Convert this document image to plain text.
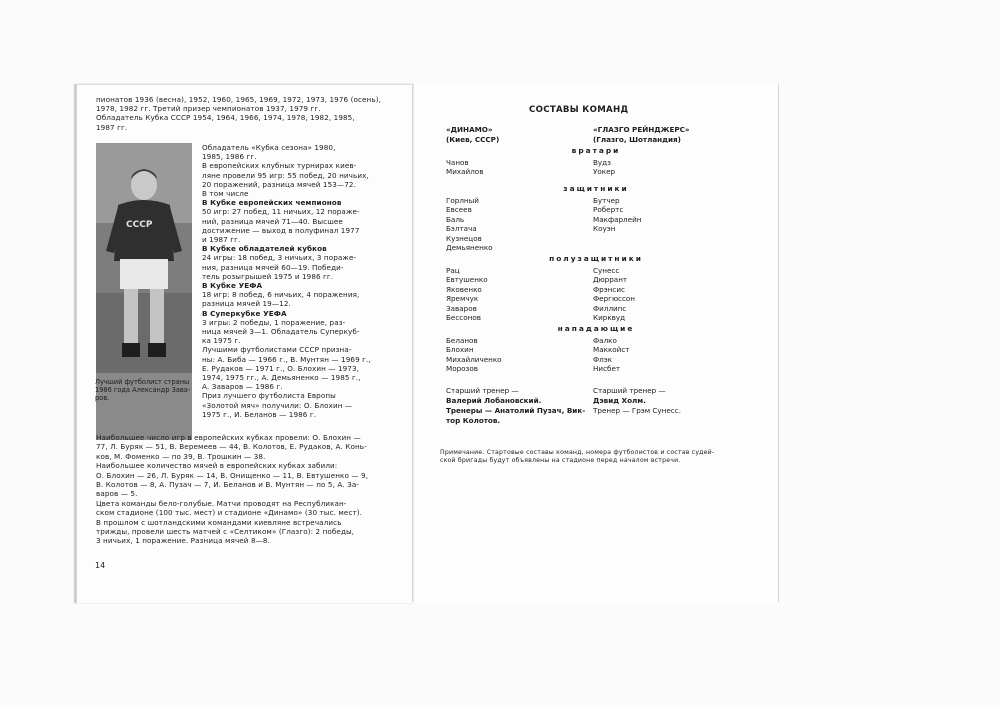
пионатов 1936 (весна), 1952, 1960, 1965, 1969, 1972, 1973, 1976 (осень),
1978, 1982 гг. Третий призер чемпионатов 1937, 1979 гг.
Обладатель Кубка СССР 1954, 1964, 1966, 1974, 1978, 1982, 1985,
1987 гг.
СССР
Обладатель «Кубка сезона» 1980,
1985, 1986 гг.
В европейских клубных турнирах киев-
ляне провели 95 игр: 55 побед, 20 ничьих,
20 поражений, разница мячей 153—72.
В том числе
В Кубке европейских чемпионов
50 игр: 27 побед, 11 ничьих, 12 пораже-
ний, разница мячей 71—40. Высшее
достижение — выход в полуфинал 1977
и 1987 гг.
В Кубке обладателей кубков
24 игры: 18 побед, 3 ничьих, 3 пораже-
ния, разница мячей 60—19. Победи-
тель розыгрышей 1975 и 1986 гг.
В Кубке УЕФА
18 игр: 8 побед, 6 ничьих, 4 поражения,
разница мячей 19—12.
В Суперкубке УЕФА
3 игры: 2 победы, 1 поражение, раз-
ница мячей 3—1. Обладатель Суперкуб-
ка 1975 г.
Лучшими футболистами СССР призна-
ны: А. Биба — 1966 г., В. Мунтян — 1969 г.,
Е. Рудаков — 1971 г., О. Блохин — 1973,
1974, 1975 гг., А. Демьяненко — 1985 г.,
А. Заваров — 1986 г.
Приз лучшего футболиста Европы
«Золотой мяч» получили: О. Блохин —
1975 г., И. Беланов — 1986 г.
Лучший футболист страны
1986 года Александр Зава-
ров.
Наибольшее число игр в европейских кубках провели: О. Блохин —
77, Л. Буряк — 51, В. Веремеев — 44, В. Колотов, Е. Рудаков, А. Конь-
ков, М. Фоменко — по 39, В. Трошкин — 38.
Наибольшее количество мячей в европейских кубках забили:
О. Блохин — 26, Л. Буряк — 14, В. Онищенко — 11, В. Евтушенко — 9,
В. Колотов — 8, А. Пузач — 7, И. Беланов и В. Мунтян — по 5, А. За-
варов — 5.
Цвета команды бело-голубые. Матчи проводят на Республикан-
ском стадионе (100 тыс. мест) и стадионе «Динамо» (30 тыс. мест).
В прошлом с шотландскими командами киевляне встречались
трижды, провели шесть матчей с «Селтиком» (Глазго): 2 победы,
3 ничьих, 1 поражение. Разница мячей 8—8.
14
СОСТАВЫ КОМАНД
«ДИНАМО»
(Киев, СССР)
«ГЛАЗГО РЕЙНДЖЕРС»
(Глазго, Шотландия)
вратари
Чанов
Михайлов
Вудз
Уокер
защитники
Горлный
Евсеев
Баль
Бэлтача
Кузнецов
Демьяненко
Бутчер
Робертс
Макфарлейн
Коуэн
полузащитники
Рац
Евтушенко
Яковенко
Яремчук
Заваров
Бессонов
Сунесс
Дюррант
Фрэнсис
Фергюссон
Филлипс
Кирквуд
нападающие
Беланов
Блохин
Михайличенко
Морозов
Фалко
Маккойст
Флэк
Нисбет
Старший тренер —
Валерий Лобановский.
Тренеры — Анатолий Пузач, Вик-
тор Колотов.
Старший тренер —
Дэвид Холм.
Тренер — Грэм Сунесс.
Примечание. Стартовые составы команд, номера футболистов и состав судей-
ской бригады будут объявлены на стадионе перед началом встречи.
